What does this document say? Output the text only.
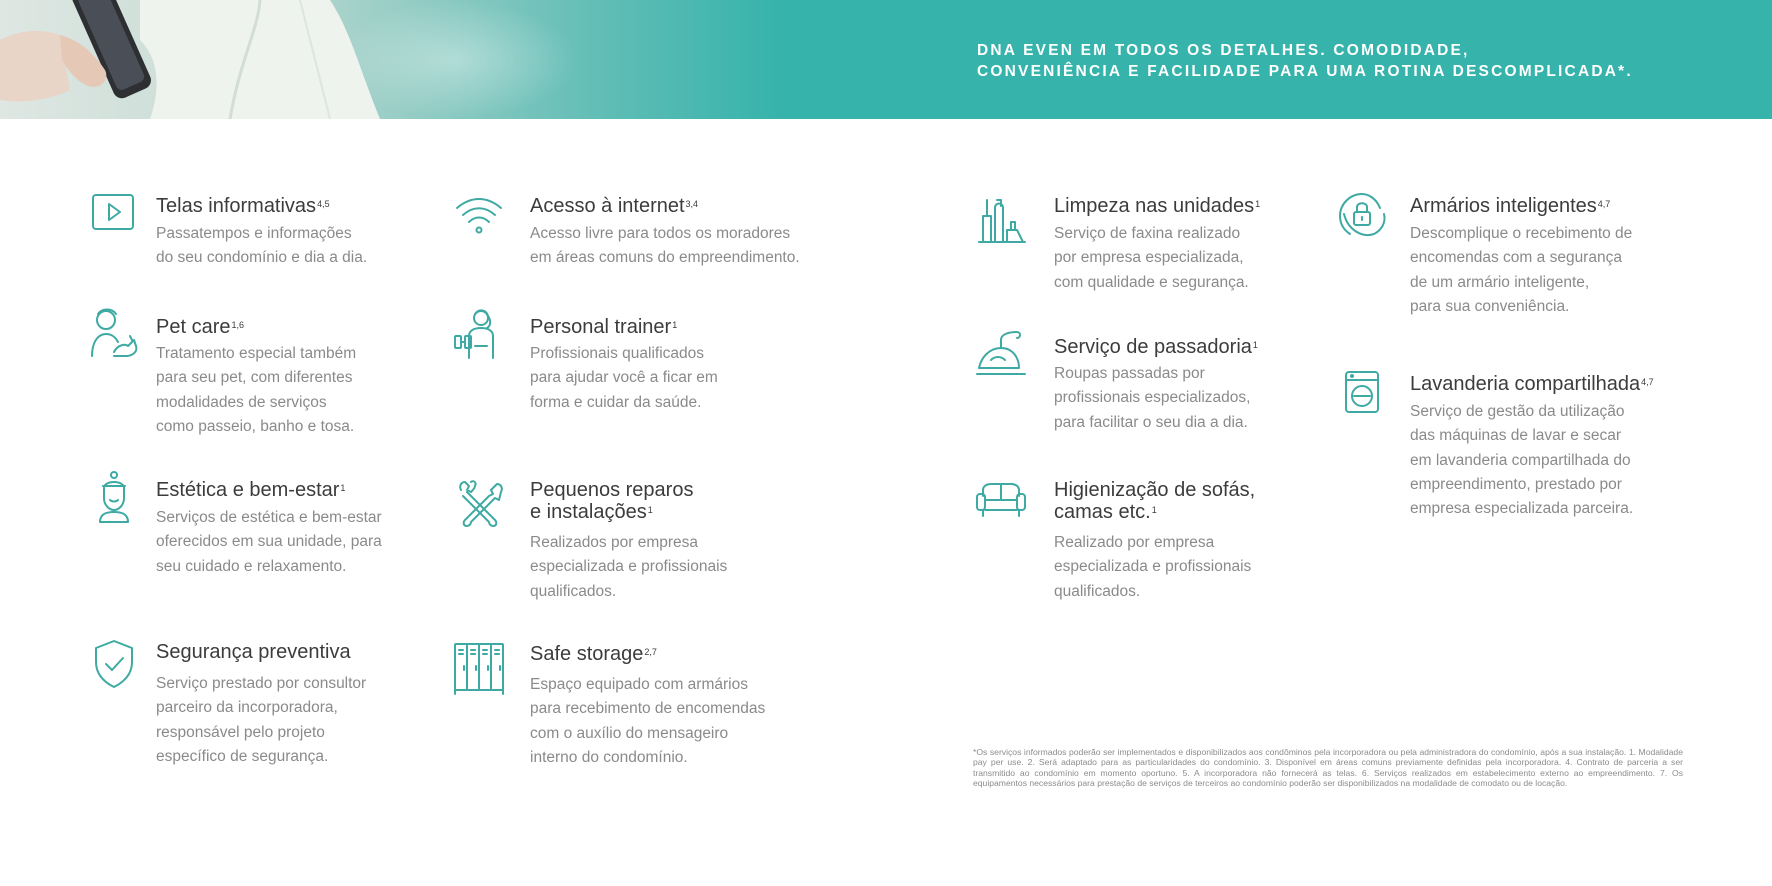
DNA EVEN EM TODOS OS DETALHES. COMODIDADE,
CONVENIÊNCIA E FACILIDADE PARA UMA ROTINA DESCOMPLICADA*.

Telas informativas$^{4,5}$

Passatempos e informações
do seu condomínio e dia a dia.

Acesso à internet$^{3,4}$

Acesso livre para todos os moradores
em áreas comuns do empreendimento.

Limpeza nas unidades$^1$

Serviço de faxina realizado
por empresa especializada,
com qualidade e segurança.

Armários inteligentes$^{4,7}$

Descomplique o recebimento de
encomendas com a segurança
de um armário inteligente,
para sua conveniência.

Pet care$^{1,6}$

Tratamento especial também
para seu pet, com diferentes
modalidades de serviços
como passeio, banho e tosa.

Personal trainer$^1$

Profissionais qualificados
para ajudar você a ficar em
forma e cuidar da saúde.

Serviço de passadoria$^1$

Roupas passadas por
profissionais especializados,
para facilitar o seu dia a dia.

Lavanderia compartilhada$^{4,7}$

Serviço de gestão da utilização
das máquinas de lavar e secar
em lavanderia compartilhada do
empreendimento, prestado por
empresa especializada parceira.

Estética e bem-estar$^1$

Serviços de estética e bem-estar
oferecidos em sua unidade, para
seu cuidado e relaxamento.

Pequenos reparos
e instalações$^1$

Realizados por empresa
especializada e profissionais
qualificados.

Higienização de sofás,
camas etc.$^1$

Realizado por empresa
especializada e profissionais
qualificados.

Segurança preventiva

Serviço prestado por consultor
parceiro da incorporadora,
responsável pelo projeto
específico de segurança.

Safe storage$^{2,7}$

Espaço equipado com armários
para recebimento de encomendas
com o auxílio do mensageiro
interno do condomínio.	*Os serviços informados poderão ser implementados e disponibilizados aos condôminos pela incorporadora ou pela administradora do condomínio, após a sua instalação. 1. Modalidade pay per use. 2. Será adaptado para as particularidades do condomínio. 3. Disponível em áreas comuns previamente definidas pela incorporadora. 4. Contrato de parceria a ser transmitido ao condomínio em momento oportuno. 5. A incorporadora não fornecerá as telas. 6. Serviços realizados em estabelecimento externo ao empreendimento. 7. Os equipamentos necessários para prestação de serviços de terceiros ao condomínio poderão ser disponibilizados na modalidade de comodato ou de locação.
